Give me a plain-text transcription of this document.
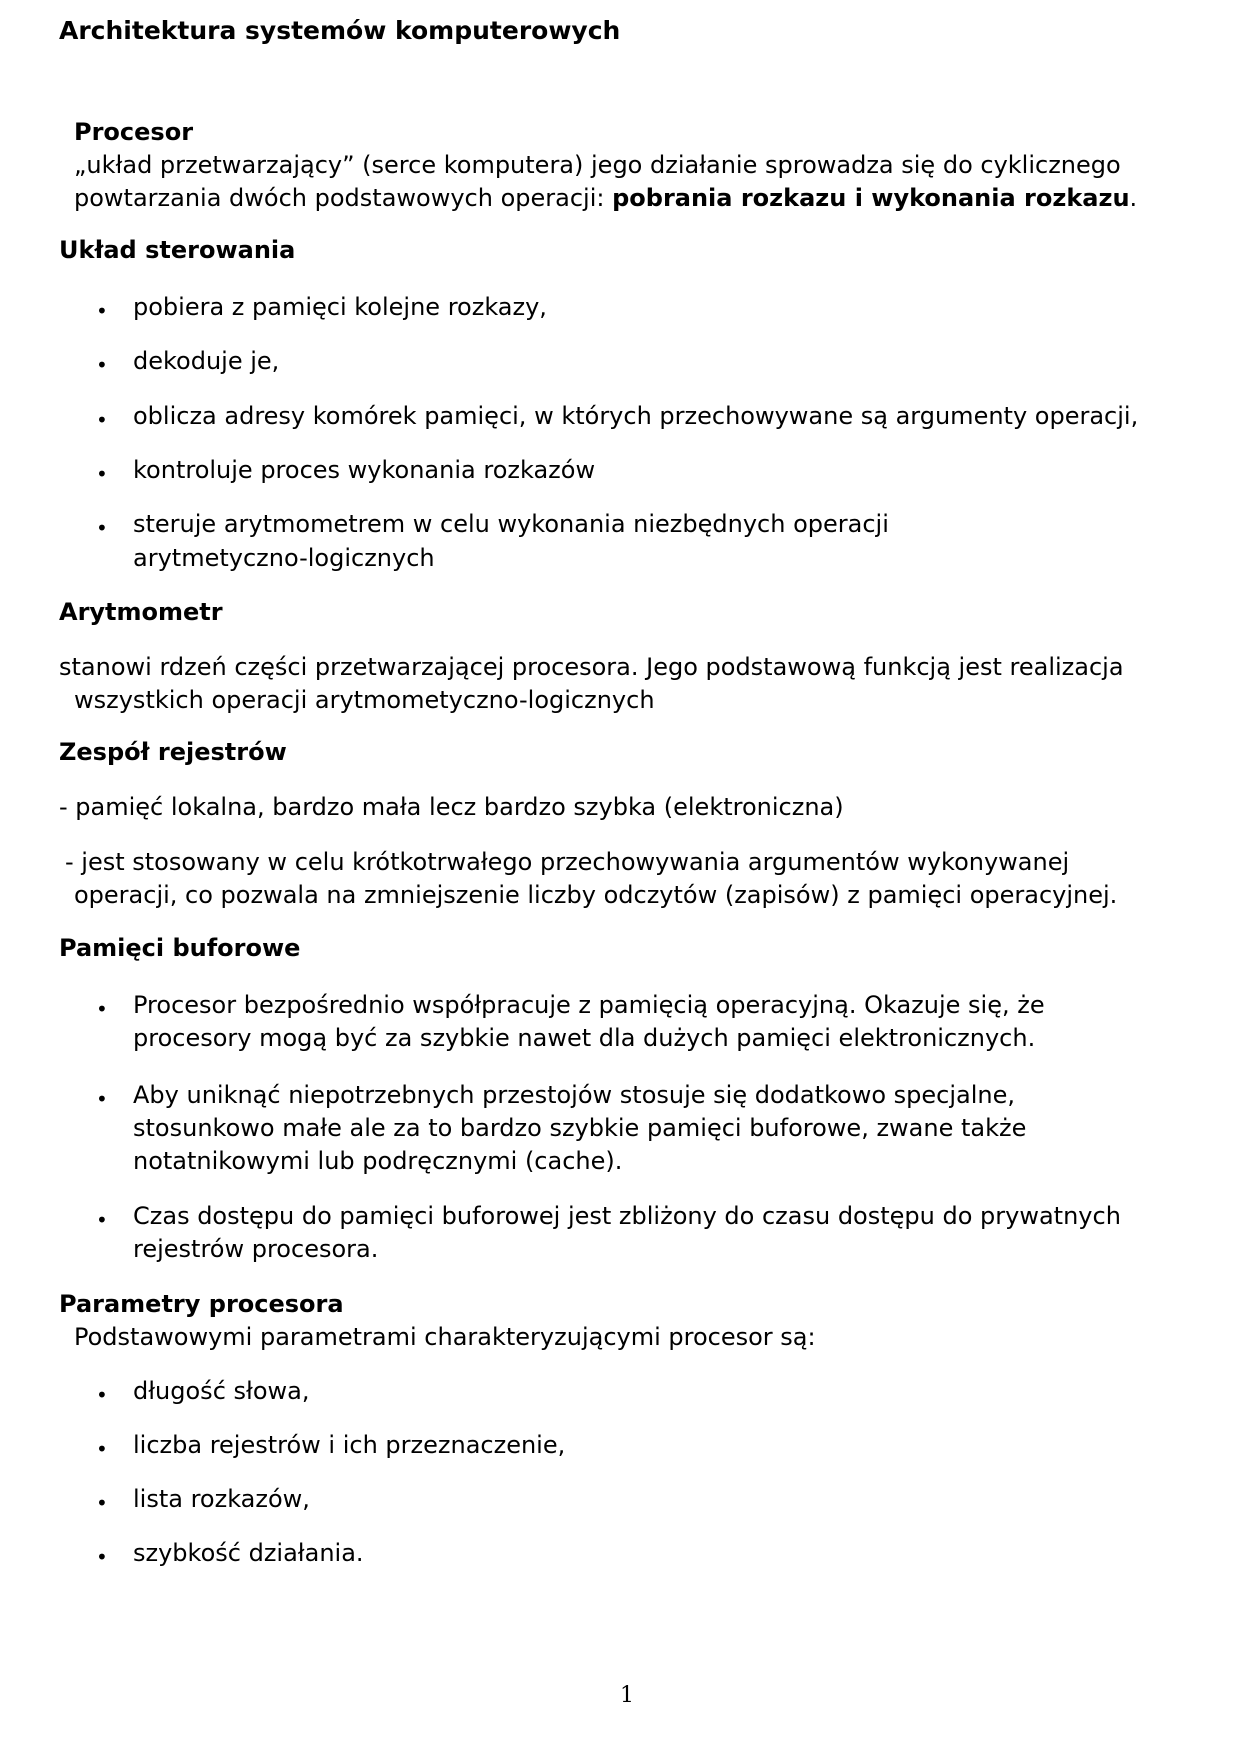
Architektura systemów komputerowych
Procesor
„układ przetwarzający” (serce komputera) jego działanie sprowadza się do cyklicznego
powtarzania dwóch podstawowych operacji: pobrania rozkazu i wykonania rozkazu.
Układ sterowania
• pobiera z pamięci kolejne rozkazy,
• dekoduje je,
• oblicza adresy komórek pamięci, w których przechowywane są argumenty operacji,
• kontroluje proces wykonania rozkazów
• steruje arytmometrem w celu wykonania niezbędnych operacji
arytmetyczno-logicznych
Arytmometr
stanowi rdzeń części przetwarzającej procesora. Jego podstawową funkcją jest realizacja
wszystkich operacji arytmometyczno-logicznych
Zespół rejestrów
- pamięć lokalna, bardzo mała lecz bardzo szybka (elektroniczna)
- jest stosowany w celu krótkotrwałego przechowywania argumentów wykonywanej
operacji, co pozwala na zmniejszenie liczby odczytów (zapisów) z pamięci operacyjnej.
Pamięci buforowe
• Procesor bezpośrednio współpracuje z pamięcią operacyjną. Okazuje się, że
procesory mogą być za szybkie nawet dla dużych pamięci elektronicznych.
• Aby uniknąć niepotrzebnych przestojów stosuje się dodatkowo specjalne,
stosunkowo małe ale za to bardzo szybkie pamięci buforowe, zwane także
notatnikowymi lub podręcznymi (cache).
• Czas dostępu do pamięci buforowej jest zbliżony do czasu dostępu do prywatnych
rejestrów procesora.
Parametry procesora
Podstawowymi parametrami charakteryzującymi procesor są:
• długość słowa,
• liczba rejestrów i ich przeznaczenie,
• lista rozkazów,
• szybkość działania.
1
